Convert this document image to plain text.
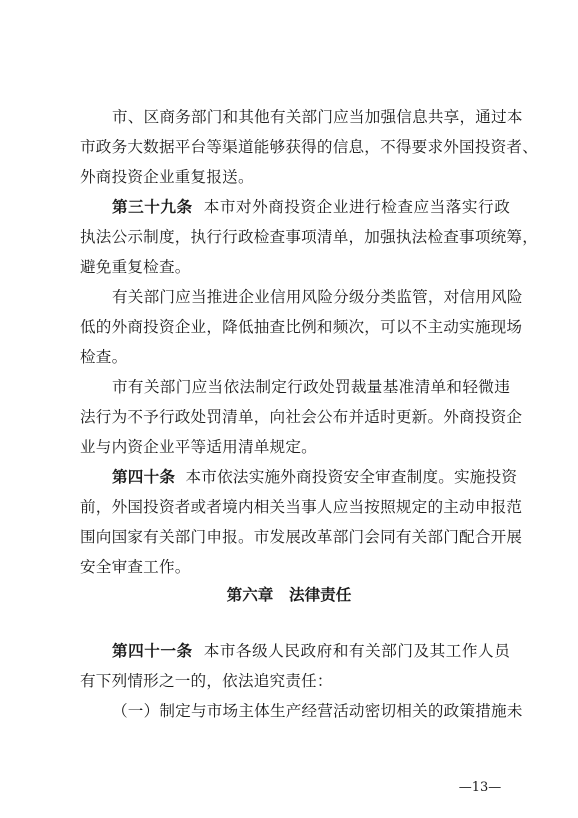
市、区商务部门和其他有关部门应当加强信息共享，通过本
市政务大数据平台等渠道能够获得的信息，不得要求外国投资者、
外商投资企业重复报送。
第三十九条 本市对外商投资企业进行检查应当落实行政
执法公示制度，执行行政检查事项清单，加强执法检查事项统筹，
避免重复检查。
有关部门应当推进企业信用风险分级分类监管，对信用风险
低的外商投资企业，降低抽查比例和频次，可以不主动实施现场
检查。
市有关部门应当依法制定行政处罚裁量基准清单和轻微违
法行为不予行政处罚清单，向社会公布并适时更新。外商投资企
业与内资企业平等适用清单规定。
第四十条 本市依法实施外商投资安全审查制度。实施投资
前，外国投资者或者境内相关当事人应当按照规定的主动申报范
围向国家有关部门申报。市发展改革部门会同有关部门配合开展
安全审查工作。
第六章　法律责任
第四十一条 本市各级人民政府和有关部门及其工作人员
有下列情形之一的，依法追究责任：
（一）制定与市场主体生产经营活动密切相关的政策措施未
—13—
